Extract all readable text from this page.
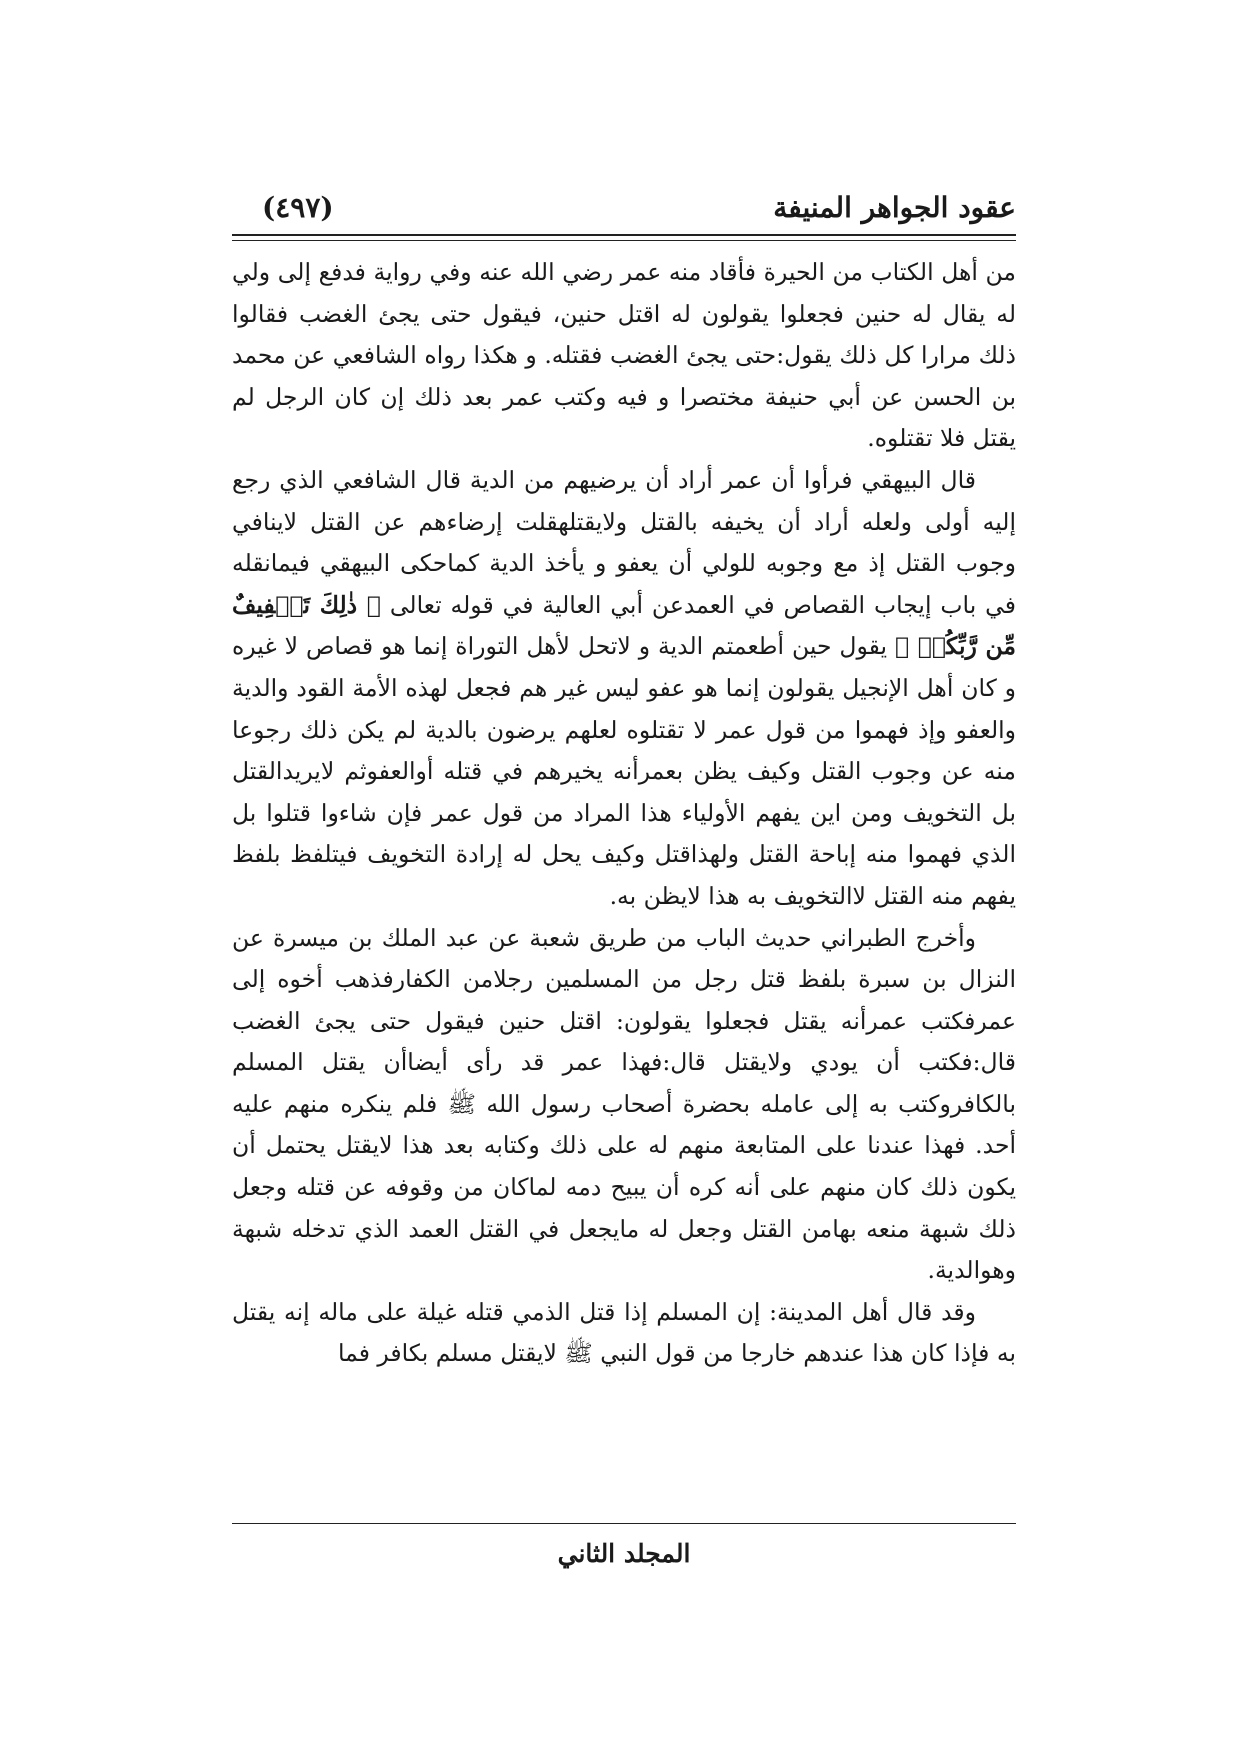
عقود الجواهر المنيفة
(٤٩٧)

من أهل الكتاب من الحيرة فأقاد منه عمر رضي الله عنه وفي رواية فدفع إلى ولي له يقال له حنين فجعلوا يقولون له اقتل حنين، فيقول حتى يجئ الغضب فقالوا ذلك مرارا كل ذلك يقول:حتى يجئ الغضب فقتله. و هكذا رواه الشافعي عن محمد بن الحسن عن أبي حنيفة مختصرا و فيه وكتب عمر بعد ذلك إن كان الرجل لم يقتل فلا تقتلوه.

قال البيهقي فرأوا أن عمر أراد أن يرضيهم من الدية قال الشافعي الذي رجع إليه أولى ولعله أراد أن يخيفه بالقتل ولايقتلهقلت إرضاءهم عن القتل لاينافي وجوب القتل إذ مع وجوبه للولي أن يعفو و يأخذ الدية كماحكى البيهقي فيمانقله في باب إيجاب القصاص في العمدعن أبي العالية في قوله تعالى ﴿ ذٰلِكَ تَخۡفِيفٌ مِّن رَّبِّكُمۡ ﴾ يقول حين أطعمتم الدية و لاتحل لأهل التوراة إنما هو قصاص لا غيره و كان أهل الإنجيل يقولون إنما هو عفو ليس غير هم فجعل لهذه الأمة القود والدية والعفو وإذ فهموا من قول عمر لا تقتلوه لعلهم يرضون بالدية لم يكن ذلك رجوعا منه عن وجوب القتل وكيف يظن بعمرأنه يخيرهم في قتله أوالعفوثم لايريدالقتل بل التخويف ومن اين يفهم الأولياء هذا المراد من قول عمر فإن شاءوا قتلوا بل الذي فهموا منه إباحة القتل ولهذاقتل وكيف يحل له إرادة التخويف فيتلفظ بلفظ يفهم منه القتل لاالتخويف به هذا لايظن به.

وأخرج الطبراني حديث الباب من طريق شعبة عن عبد الملك بن ميسرة عن النزال بن سبرة بلفظ قتل رجل من المسلمين رجلامن الكفارفذهب أخوه إلى عمرفكتب عمرأنه يقتل فجعلوا يقولون: اقتل حنين فيقول حتى يجئ الغضب قال:فكتب أن يودي ولايقتل قال:فهذا عمر قد رأى أيضاأن يقتل المسلم بالكافروكتب به إلى عامله بحضرة أصحاب رسول الله ﷺ فلم ينكره منهم عليه أحد. فهذا عندنا على المتابعة منهم له على ذلك وكتابه بعد هذا لايقتل يحتمل أن يكون ذلك كان منهم على أنه كره أن يبيح دمه لماكان من وقوفه عن قتله وجعل ذلك شبهة منعه بهامن القتل وجعل له مايجعل في القتل العمد الذي تدخله شبهة وهوالدية.

وقد قال أهل المدينة: إن المسلم إذا قتل الذمي قتله غيلة على ماله إنه يقتل به فإذا كان هذا عندهم خارجا من قول النبي ﷺ لايقتل مسلم بكافر فما

المجلد الثاني
